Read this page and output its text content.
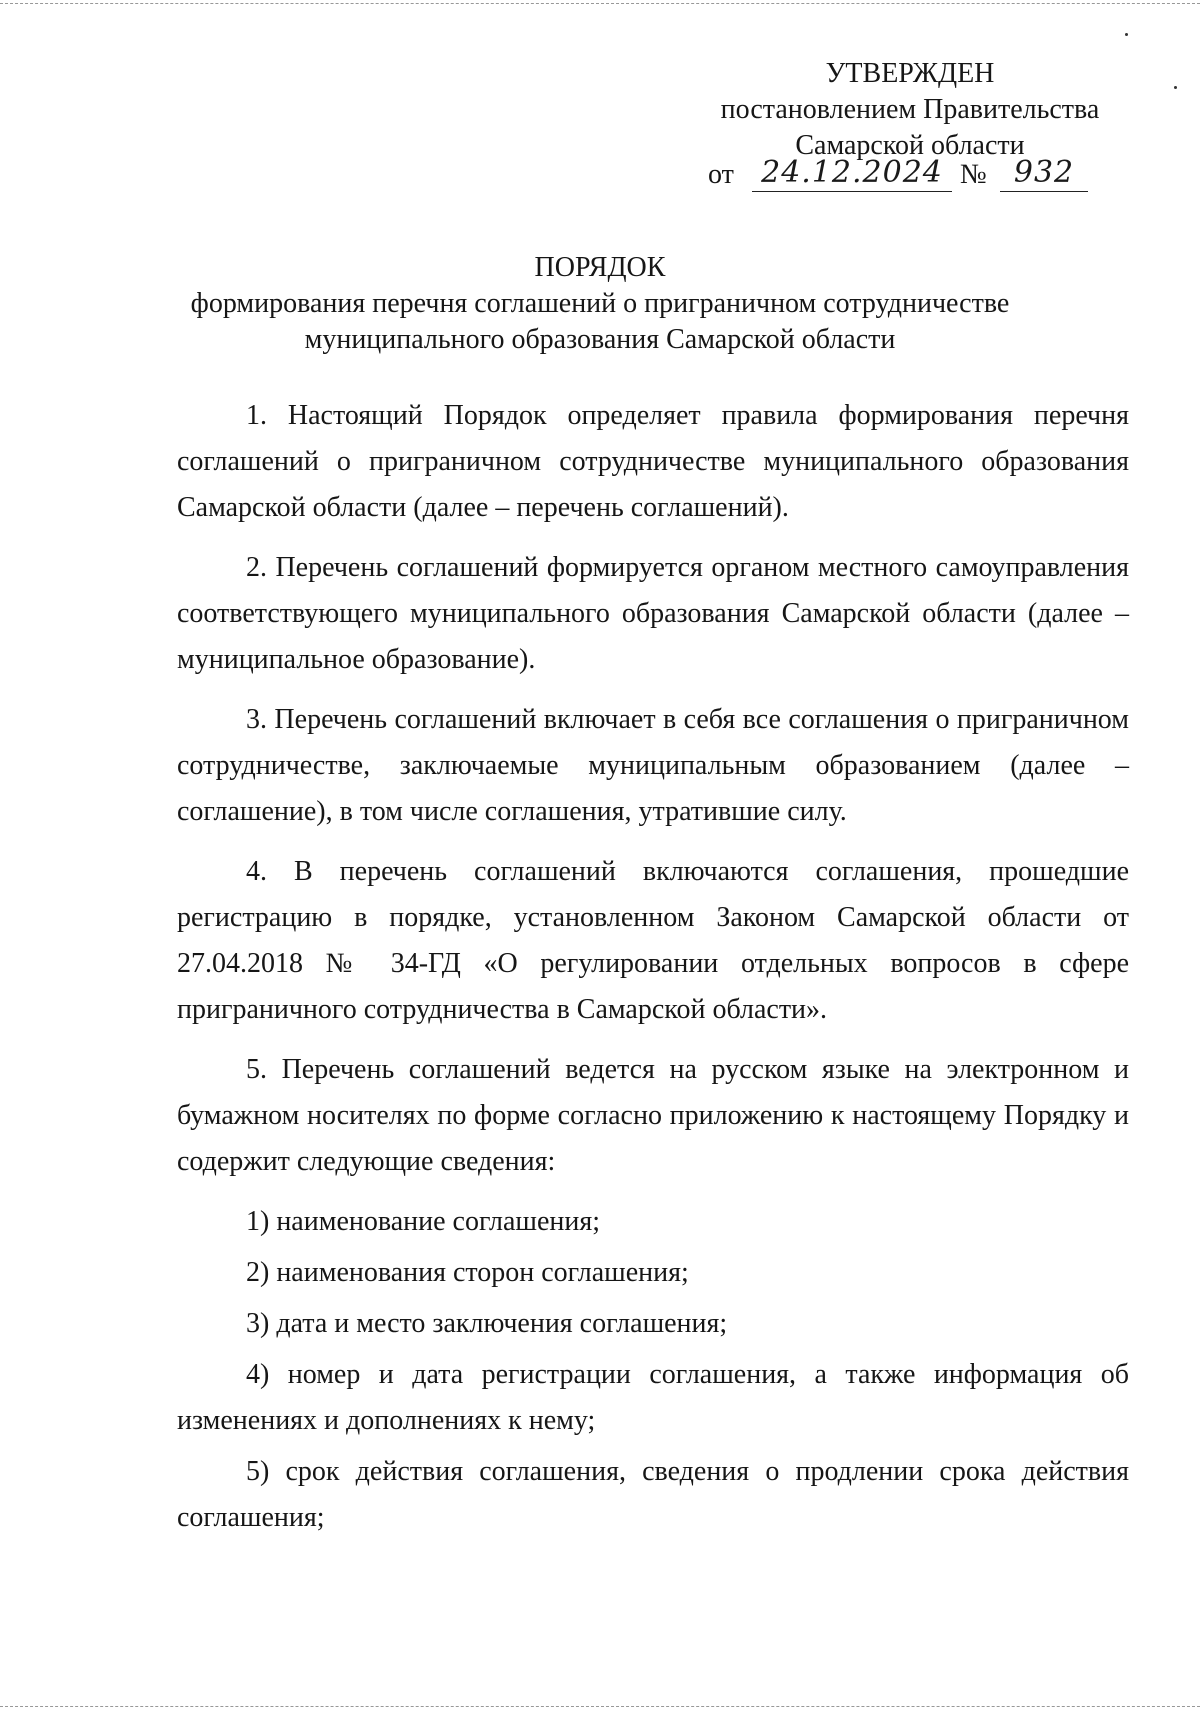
УТВЕРЖДЕН
постановлением Правительства
Самарской области
от 24.12.2024 № 932
ПОРЯДОК
формирования перечня соглашений о приграничном сотрудничестве
муниципального образования Самарской области

1. Настоящий Порядок определяет правила формирования перечня соглашений о приграничном сотрудничестве муниципального образования Самарской области (далее – перечень соглашений).

2. Перечень соглашений формируется органом местного самоуправления соответствующего муниципального образования Самарской области (далее – муниципальное образование).

3. Перечень соглашений включает в себя все соглашения о приграничном сотрудничестве, заключаемые муниципальным образованием (далее – соглашение), в том числе соглашения, утратившие силу.

4. В перечень соглашений включаются соглашения, прошедшие регистрацию в порядке, установленном Законом Самарской области от 27.04.2018 № 34-ГД «О регулировании отдельных вопросов в сфере приграничного сотрудничества в Самарской области».

5. Перечень соглашений ведется на русском языке на электронном и бумажном носителях по форме согласно приложению к настоящему Порядку и содержит следующие сведения:

1) наименование соглашения;

2) наименования сторон соглашения;

3) дата и место заключения соглашения;

4) номер и дата регистрации соглашения, а также информация об изменениях и дополнениях к нему;

5) срок действия соглашения, сведения о продлении срока действия соглашения;
